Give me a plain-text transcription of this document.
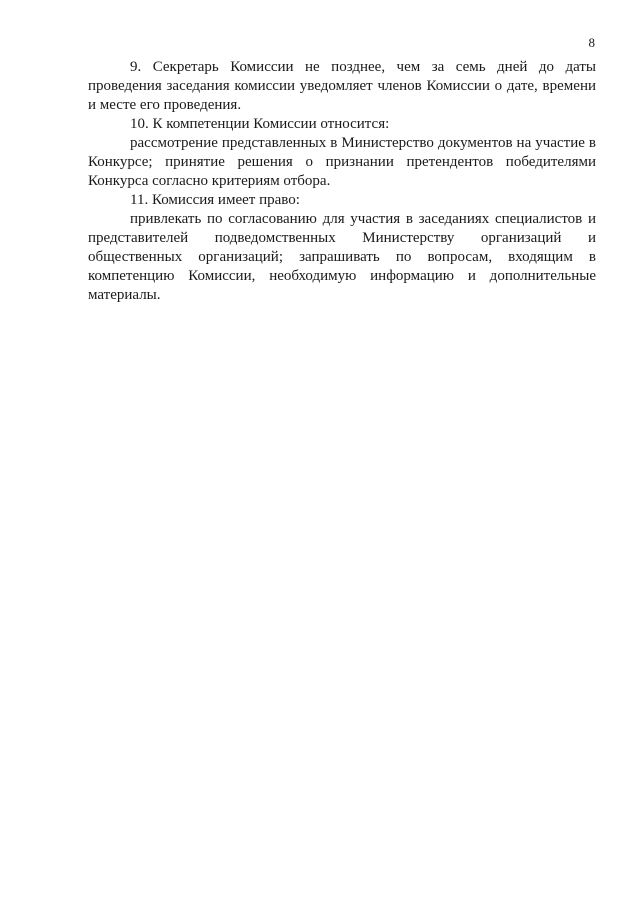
8

9. Секретарь Комиссии не позднее, чем за семь дней до даты проведения заседания комиссии уведомляет членов Комиссии о дате, времени и месте его проведения.

10. К компетенции Комиссии относится:

рассмотрение представленных в Министерство документов на участие в Конкурсе; принятие решения о признании претендентов победителями Конкурса согласно критериям отбора.

11. Комиссия имеет право:

привлекать по согласованию для участия в заседаниях специалистов и представителей подведомственных Министерству организаций и общественных организаций; запрашивать по вопросам, входящим в компетенцию Комиссии, необходимую информацию и дополнительные материалы.
